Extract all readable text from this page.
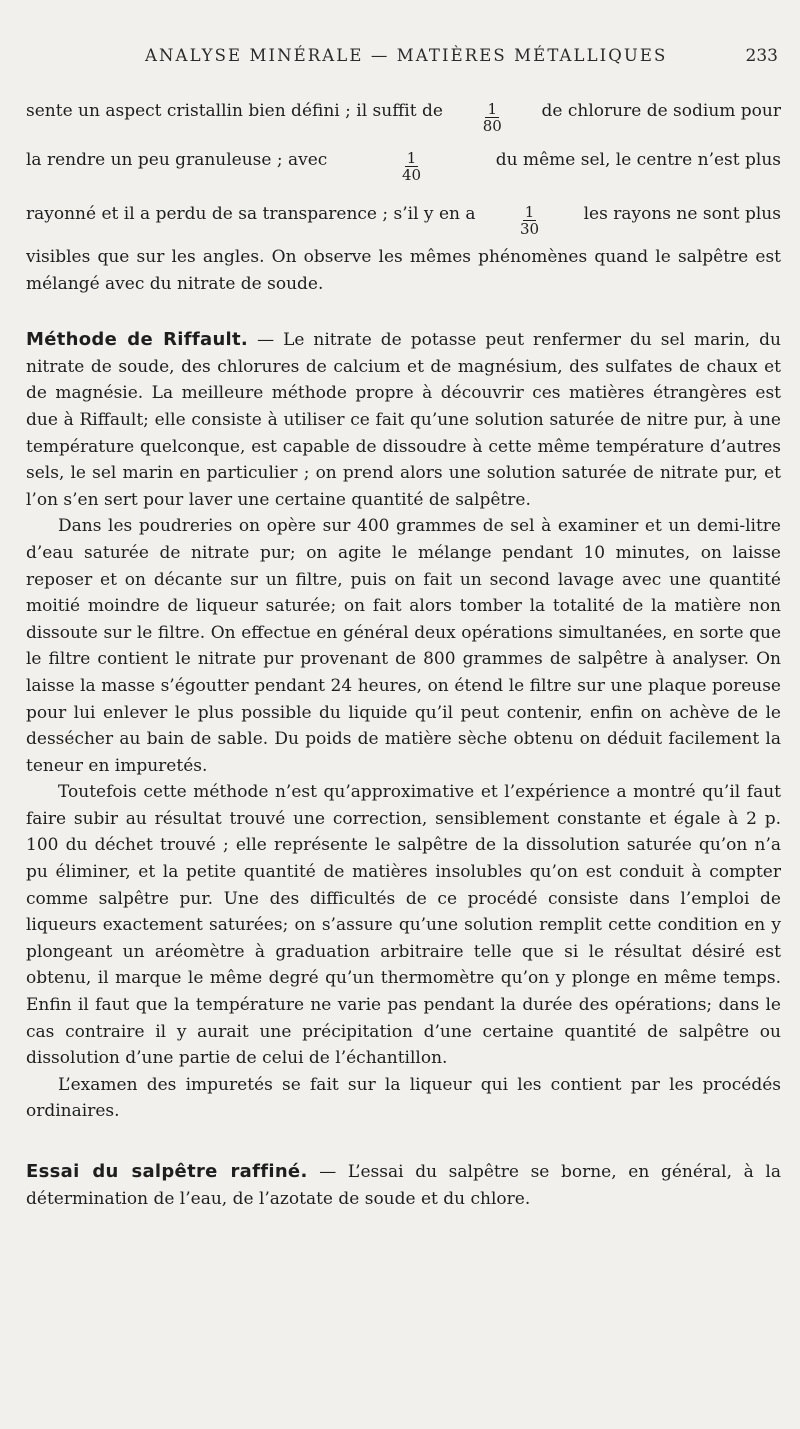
ANALYSE MINÉRALE — MATIÈRES MÉTALLIQUES	233
sente un aspect cristallin bien défini ; il suffit de	$\frac{1}{80}$ de chlorure de sodium pour
la rendre un peu granuleuse ; avec	$\frac{1}{40}$	du même sel, le centre n’est plus
rayonné et il a perdu de sa transparence ; s’il y en a	$\frac{1}{30}$	les rayons ne sont plus

visibles que sur les angles. On observe les mêmes phénomènes quand le salpêtre est mélangé avec du nitrate de soude.

Méthode de Riffault. — Le nitrate de potasse peut renfermer du sel marin, du nitrate de soude, des chlorures de calcium et de magnésium, des sulfates de chaux et de magnésie. La meilleure méthode propre à découvrir ces matières étrangères est due à Riffault; elle consiste à utiliser ce fait qu’une solution saturée de nitre pur, à une température quelconque, est capable de dissoudre à cette même température d’autres sels, le sel marin en particulier ; on prend alors une solution saturée de nitrate pur, et l’on s’en sert pour laver une certaine quantité de salpêtre.

Dans les poudreries on opère sur 400 grammes de sel à examiner et un demi-litre d’eau saturée de nitrate pur; on agite le mélange pendant 10 minutes, on laisse reposer et on décante sur un filtre, puis on fait un second lavage avec une quantité moitié moindre de liqueur saturée; on fait alors tomber la totalité de la matière non dissoute sur le filtre. On effectue en général deux opérations simultanées, en sorte que le filtre contient le nitrate pur provenant de 800 grammes de salpêtre à analyser. On laisse la masse s’égoutter pendant 24 heures, on étend le filtre sur une plaque poreuse pour lui enlever le plus possible du liquide qu’il peut contenir, enfin on achève de le dessécher au bain de sable. Du poids de matière sèche obtenu on déduit facilement la teneur en impuretés.

Toutefois cette méthode n’est qu’approximative et l’expérience a montré qu’il faut faire subir au résultat trouvé une correction, sensiblement constante et égale à 2 p. 100 du déchet trouvé ; elle représente le salpêtre de la dissolution saturée qu’on n’a pu éliminer, et la petite quantité de matières insolubles qu’on est conduit à compter comme salpêtre pur. Une des difficultés de ce procédé consiste dans l’emploi de liqueurs exactement saturées; on s’assure qu’une solution remplit cette condition en y plongeant un aréomètre à graduation arbitraire telle que si le résultat désiré est obtenu, il marque le même degré qu’un thermomètre qu’on y plonge en même temps. Enfin il faut que la température ne varie pas pendant la durée des opérations; dans le cas contraire il y aurait une précipitation d’une certaine quantité de salpêtre ou dissolution d’une partie de celui de l’échantillon.

L’examen des impuretés se fait sur la liqueur qui les contient par les procédés ordinaires.

Essai du salpêtre raffiné. — L’essai du salpêtre se borne, en général, à la détermination de l’eau, de l’azotate de soude et du chlore.
